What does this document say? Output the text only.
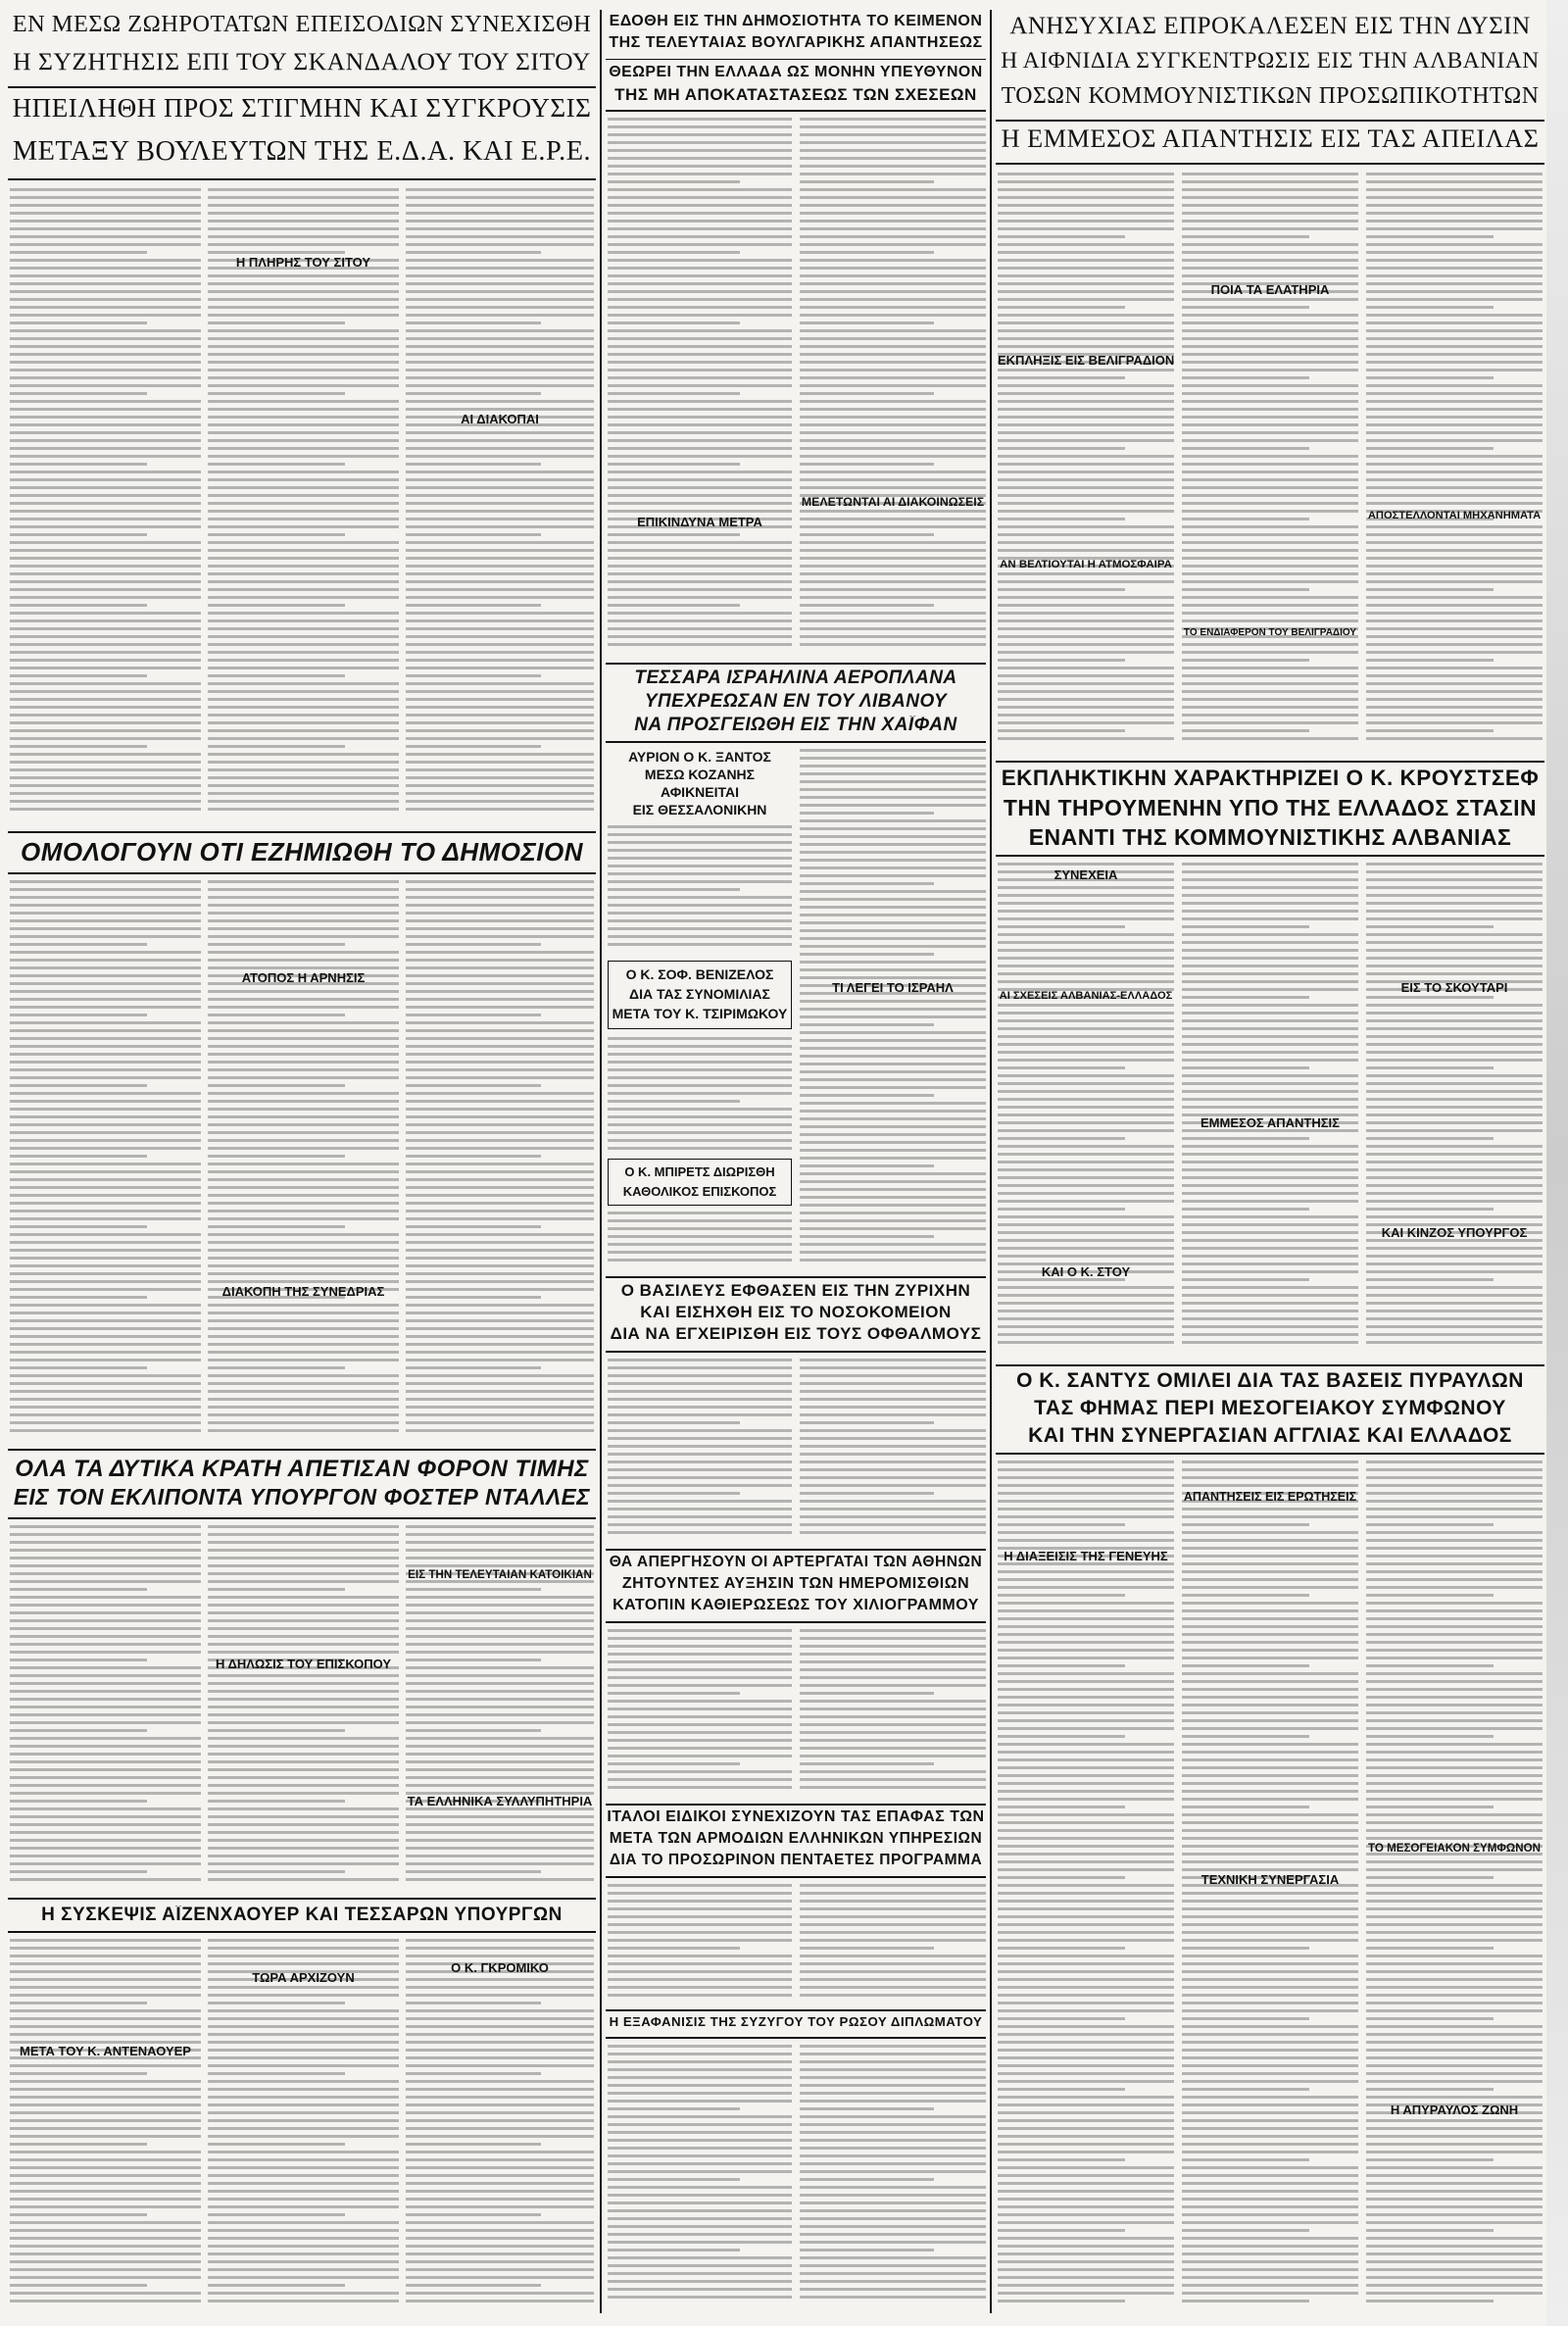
ΕΝ ΜΕΣΩ ΖΩΗΡΟΤΑΤΩΝ ΕΠΕΙΣΟΔΙΩΝ ΣΥΝΕΧΙΣΘΗ
Η ΣΥΖΗΤΗΣΙΣ ΕΠΙ ΤΟΥ ΣΚΑΝΔΑΛΟΥ ΤΟΥ ΣΙΤΟΥ
ΗΠΕΙΛΗΘΗ ΠΡΟΣ ΣΤΙΓΜΗΝ ΚΑΙ ΣΥΓΚΡΟΥΣΙΣ
ΜΕΤΑΞΥ ΒΟΥΛΕΥΤΩΝ ΤΗΣ Ε.Δ.Α. ΚΑΙ Ε.Ρ.Ε.
Η ΠΛΗΡΗΣ ΤΟΥ ΣΙΤΟΥ
ΑΙ ΔΙΑΚΟΠΑΙ
ΟΜΟΛΟΓΟΥΝ ΟΤΙ ΕΖΗΜΙΩΘΗ ΤΟ ΔΗΜΟΣΙΟΝ
ΑΤΟΠΟΣ Η ΑΡΝΗΣΙΣ
ΔΙΑΚΟΠΗ ΤΗΣ ΣΥΝΕΔΡΙΑΣ
ΟΛΑ ΤΑ ΔΥΤΙΚΑ ΚΡΑΤΗ ΑΠΕΤΙΣΑΝ ΦΟΡΟΝ ΤΙΜΗΣ
ΕΙΣ ΤΟΝ ΕΚΛΙΠΟΝΤΑ ΥΠΟΥΡΓΟΝ ΦΟΣΤΕΡ ΝΤΑΛΛΕΣ
Η ΔΗΛΩΣΙΣ ΤΟΥ ΕΠΙΣΚΟΠΟΥ
ΕΙΣ ΤΗΝ ΤΕΛΕΥΤΑΙΑΝ ΚΑΤΟΙΚΙΑΝ
ΤΑ ΕΛΛΗΝΙΚΑ ΣΥΛΛΥΠΗΤΗΡΙΑ
Η ΣΥΣΚΕΨΙΣ ΑΪΖΕΝΧΑΟΥΕΡ ΚΑΙ ΤΕΣΣΑΡΩΝ ΥΠΟΥΡΓΩΝ
ΜΕΤΑ ΤΟΥ Κ. ΑΝΤΕΝΑΟΥΕΡ
ΤΩΡΑ ΑΡΧΙΖΟΥΝ
Ο Κ. ΓΚΡΟΜΙΚΟ
ΕΔΟΘΗ ΕΙΣ ΤΗΝ ΔΗΜΟΣΙΟΤΗΤΑ ΤΟ ΚΕΙΜΕΝΟΝ
ΤΗΣ ΤΕΛΕΥΤΑΙΑΣ ΒΟΥΛΓΑΡΙΚΗΣ ΑΠΑΝΤΗΣΕΩΣ
ΘΕΩΡΕΙ ΤΗΝ ΕΛΛΑΔΑ ΩΣ ΜΟΝΗΝ ΥΠΕΥΘΥΝΟΝ
ΤΗΣ ΜΗ ΑΠΟΚΑΤΑΣΤΑΣΕΩΣ ΤΩΝ ΣΧΕΣΕΩΝ
ΕΠΙΚΙΝΔΥΝΑ ΜΕΤΡΑ
ΜΕΛΕΤΩΝΤΑΙ ΑΙ ΔΙΑΚΟΙΝΩΣΕΙΣ
ΤΕΣΣΑΡΑ ΙΣΡΑΗΛΙΝΑ ΑΕΡΟΠΛΑΝΑ
ΥΠΕΧΡΕΩΣΑΝ ΕΝ ΤΟΥ ΛΙΒΑΝΟΥ
ΝΑ ΠΡΟΣΓΕΙΩΘΗ ΕΙΣ ΤΗΝ ΧΑΪΦΑΝ
ΑΥΡΙΟΝ Ο Κ. ΞΑΝΤΟΣ
ΜΕΣΩ ΚΟΖΑΝΗΣ
ΑΦΙΚΝΕΙΤΑΙ
ΕΙΣ ΘΕΣΣΑΛΟΝΙΚΗΝ
Ο Κ. ΣΟΦ. ΒΕΝΙΖΕΛΟΣ
ΔΙΑ ΤΑΣ ΣΥΝΟΜΙΛΙΑΣ
ΜΕΤΑ ΤΟΥ Κ. ΤΣΙΡΙΜΩΚΟΥ
Ο Κ. ΜΠΙΡΕΤΣ ΔΙΩΡΙΣΘΗ
ΚΑΘΟΛΙΚΟΣ ΕΠΙΣΚΟΠΟΣ
ΤΙ ΛΕΓΕΙ ΤΟ ΙΣΡΑΗΛ
Ο ΒΑΣΙΛΕΥΣ ΕΦΘΑΣΕΝ ΕΙΣ ΤΗΝ ΖΥΡΙΧΗΝ
ΚΑΙ ΕΙΣΗΧΘΗ ΕΙΣ ΤΟ ΝΟΣΟΚΟΜΕΙΟΝ
ΔΙΑ ΝΑ ΕΓΧΕΙΡΙΣΘΗ ΕΙΣ ΤΟΥΣ ΟΦΘΑΛΜΟΥΣ
ΘΑ ΑΠΕΡΓΗΣΟΥΝ ΟΙ ΑΡΤΕΡΓΑΤΑΙ ΤΩΝ ΑΘΗΝΩΝ
ΖΗΤΟΥΝΤΕΣ ΑΥΞΗΣΙΝ ΤΩΝ ΗΜΕΡΟΜΙΣΘΙΩΝ
ΚΑΤΟΠΙΝ ΚΑΘΙΕΡΩΣΕΩΣ ΤΟΥ ΧΙΛΙΟΓΡΑΜΜΟΥ
ΙΤΑΛΟΙ ΕΙΔΙΚΟΙ ΣΥΝΕΧΙΖΟΥΝ ΤΑΣ ΕΠΑΦΑΣ ΤΩΝ
ΜΕΤΑ ΤΩΝ ΑΡΜΟΔΙΩΝ ΕΛΛΗΝΙΚΩΝ ΥΠΗΡΕΣΙΩΝ
ΔΙΑ ΤΟ ΠΡΟΣΩΡΙΝΟΝ ΠΕΝΤΑΕΤΕΣ ΠΡΟΓΡΑΜΜΑ
Η ΕΞΑΦΑΝΙΣΙΣ ΤΗΣ ΣΥΖΥΓΟΥ ΤΟΥ ΡΩΣΟΥ ΔΙΠΛΩΜΑΤΟΥ
ΑΝΗΣΥΧΙΑΣ ΕΠΡΟΚΑΛΕΣΕΝ ΕΙΣ ΤΗΝ ΔΥΣΙΝ
Η ΑΙΦΝΙΔΙΑ ΣΥΓΚΕΝΤΡΩΣΙΣ ΕΙΣ ΤΗΝ ΑΛΒΑΝΙΑΝ
ΤΟΣΩΝ ΚΟΜΜΟΥΝΙΣΤΙΚΩΝ ΠΡΟΣΩΠΙΚΟΤΗΤΩΝ
Η ΕΜΜΕΣΟΣ ΑΠΑΝΤΗΣΙΣ ΕΙΣ ΤΑΣ ΑΠΕΙΛΑΣ
ΕΚΠΛΗΞΙΣ ΕΙΣ ΒΕΛΙΓΡΑΔΙΟΝ
ΑΝ ΒΕΛΤΙΟΥΤΑΙ Η ΑΤΜΟΣΦΑΙΡΑ
ΠΟΙΑ ΤΑ ΕΛΑΤΗΡΙΑ
ΤΟ ΕΝΔΙΑΦΕΡΟΝ ΤΟΥ ΒΕΛΙΓΡΑΔΙΟΥ
ΑΠΟΣΤΕΛΛΟΝΤΑΙ ΜΗΧΑΝΗΜΑΤΑ
ΕΚΠΛΗΚΤΙΚΗΝ ΧΑΡΑΚΤΗΡΙΖΕΙ Ο Κ. ΚΡΟΥΣΤΣΕΦ
ΤΗΝ ΤΗΡΟΥΜΕΝΗΝ ΥΠΟ ΤΗΣ ΕΛΛΑΔΟΣ ΣΤΑΣΙΝ
ΕΝΑΝΤΙ ΤΗΣ ΚΟΜΜΟΥΝΙΣΤΙΚΗΣ ΑΛΒΑΝΙΑΣ
ΣΥΝΕΧΕΙΑ
ΑΙ ΣΧΕΣΕΙΣ ΑΛΒΑΝΙΑΣ-ΕΛΛΑΔΟΣ
ΚΑΙ Ο Κ. ΣΤΟΥ
ΕΜΜΕΣΟΣ ΑΠΑΝΤΗΣΙΣ
ΕΙΣ ΤΟ ΣΚΟΥΤΑΡΙ
ΚΑΙ ΚΙΝΖΟΣ ΥΠΟΥΡΓΟΣ
Ο Κ. ΣΑΝΤΥΣ ΟΜΙΛΕΙ ΔΙΑ ΤΑΣ ΒΑΣΕΙΣ ΠΥΡΑΥΛΩΝ
ΤΑΣ ΦΗΜΑΣ ΠΕΡΙ ΜΕΣΟΓΕΙΑΚΟΥ ΣΥΜΦΩΝΟΥ
ΚΑΙ ΤΗΝ ΣΥΝΕΡΓΑΣΙΑΝ ΑΓΓΛΙΑΣ ΚΑΙ ΕΛΛΑΔΟΣ
Η ΔΙΑΞΕΙΣΙΣ ΤΗΣ ΓΕΝΕΥΗΣ
ΑΠΑΝΤΗΣΕΙΣ ΕΙΣ ΕΡΩΤΗΣΕΙΣ
ΤΕΧΝΙΚΗ ΣΥΝΕΡΓΑΣΙΑ
ΤΟ ΜΕΣΟΓΕΙΑΚΟΝ ΣΥΜΦΩΝΟΝ
Η ΑΠΥΡΑΥΛΟΣ ΖΩΝΗ
